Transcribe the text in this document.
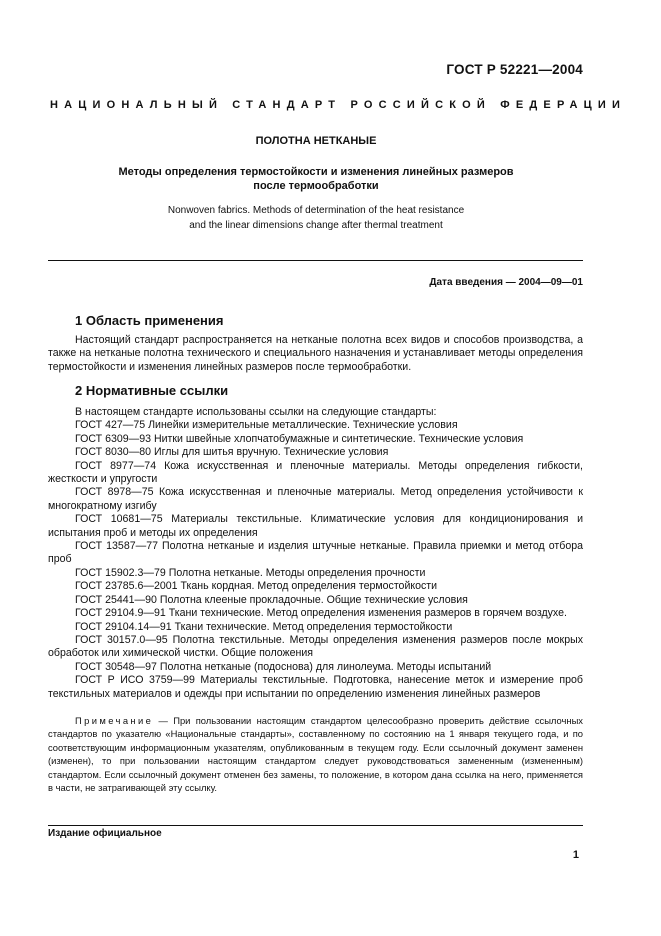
ГОСТ Р 52221—2004
НАЦИОНАЛЬНЫЙ СТАНДАРТ РОССИЙСКОЙ ФЕДЕРАЦИИ
ПОЛОТНА НЕТКАНЫЕ
Методы определения термостойкости и изменения линейных размеров
после термообработки
Nonwoven fabrics. Methods of determination of the heat resistance
and the linear dimensions change after thermal treatment
Дата введения — 2004—09—01
1 Область применения
Настоящий стандарт распространяется на нетканые полотна всех видов и способов производства, а также на нетканые полотна технического и специального назначения и устанавливает методы определения термостойкости и изменения линейных размеров после термообработки.
2 Нормативные ссылки

В настоящем стандарте использованы ссылки на следующие стандарты:

ГОСТ 427—75 Линейки измерительные металлические. Технические условия

ГОСТ 6309—93 Нитки швейные хлопчатобумажные и синтетические. Технические условия

ГОСТ 8030—80 Иглы для шитья вручную. Технические условия

ГОСТ 8977—74 Кожа искусственная и пленочные материалы. Методы определения гибкости, жесткости и упругости

ГОСТ 8978—75 Кожа искусственная и пленочные материалы. Метод определения устойчивости к многократному изгибу

ГОСТ 10681—75 Материалы текстильные. Климатические условия для кондиционирования и испытания проб и методы их определения

ГОСТ 13587—77 Полотна нетканые и изделия штучные нетканые. Правила приемки и метод отбора проб

ГОСТ 15902.3—79 Полотна нетканые. Методы определения прочности

ГОСТ 23785.6—2001 Ткань кордная. Метод определения термостойкости

ГОСТ 25441—90 Полотна клееные прокладочные. Общие технические условия

ГОСТ 29104.9—91 Ткани технические. Метод определения изменения размеров в горячем воздухе.

ГОСТ 29104.14—91 Ткани технические. Метод определения термостойкости

ГОСТ 30157.0—95 Полотна текстильные. Методы определения изменения размеров после мокрых обработок или химической чистки. Общие положения

ГОСТ 30548—97 Полотна нетканые (подоснова) для линолеума. Методы испытаний

ГОСТ Р ИСО 3759—99 Материалы текстильные. Подготовка, нанесение меток и измерение проб текстильных материалов и одежды при испытании по определению изменения линейных размеров

Примечание — При пользовании настоящим стандартом целесообразно проверить действие ссылочных стандартов по указателю «Национальные стандарты», составленному по состоянию на 1 января текущего года, и по соответствующим информационным указателям, опубликованным в текущем году. Если ссылочный документ заменен (изменен), то при пользовании настоящим стандартом следует руководствоваться замененным (измененным) стандартом. Если ссылочный документ отменен без замены, то положение, в котором дана ссылка на него, применяется в части, не затрагивающей эту ссылку.
Издание официальное
1
